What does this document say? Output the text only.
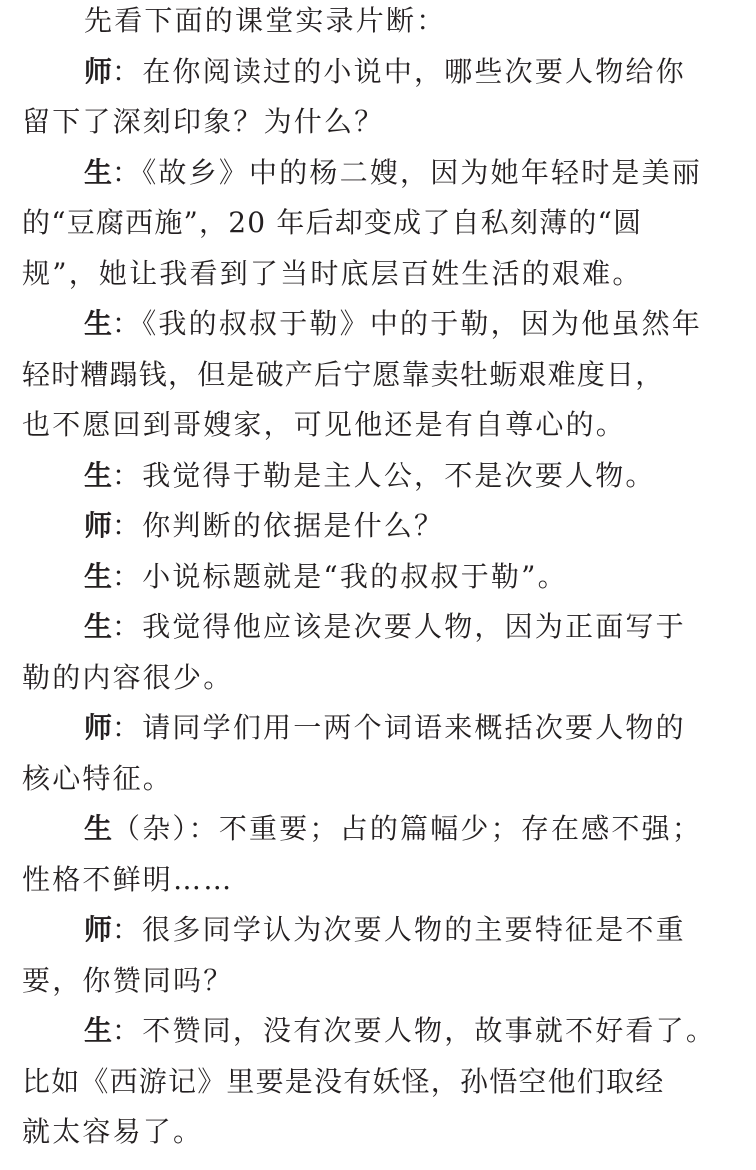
先看下面的课堂实录片断：
师：在你阅读过的小说中，哪些次要人物给你
留下了深刻印象？为什么？
生：《故乡》中的杨二嫂，因为她年轻时是美丽
的“豆腐西施”，20 年后却变成了自私刻薄的“圆
规”，她让我看到了当时底层百姓生活的艰难。
生：《我的叔叔于勒》中的于勒，因为他虽然年
轻时糟蹋钱，但是破产后宁愿靠卖牡蛎艰难度日，
也不愿回到哥嫂家，可见他还是有自尊心的。
生：我觉得于勒是主人公，不是次要人物。
师：你判断的依据是什么？
生：小说标题就是“我的叔叔于勒”。
生：我觉得他应该是次要人物，因为正面写于
勒的内容很少。
师：请同学们用一两个词语来概括次要人物的
核心特征。
生（杂）：不重要；占的篇幅少；存在感不强；
性格不鲜明……
师：很多同学认为次要人物的主要特征是不重
要，你赞同吗？
生：不赞同，没有次要人物，故事就不好看了。
比如《西游记》里要是没有妖怪，孙悟空他们取经
就太容易了。
